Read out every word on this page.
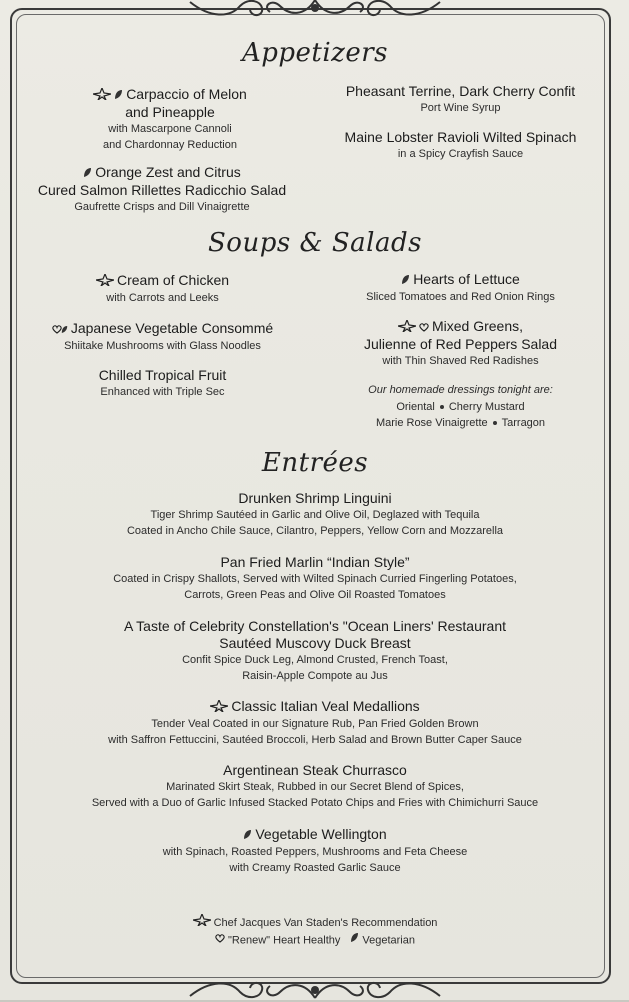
Appetizers
Carpaccio of Melon
and Pineapple
with Mascarpone Cannoli
and Chardonnay Reduction
Orange Zest and Citrus
Cured Salmon Rillettes Radicchio Salad
Gaufrette Crisps and Dill Vinaigrette
Pheasant Terrine, Dark Cherry Confit
Port Wine Syrup
Maine Lobster Ravioli Wilted Spinach
in a Spicy Crayfish Sauce
Soups & Salads
Cream of Chicken
with Carrots and Leeks
Japanese Vegetable Consommé
Shiitake Mushrooms with Glass Noodles
Chilled Tropical Fruit
Enhanced with Triple Sec
Hearts of Lettuce
Sliced Tomatoes and Red Onion Rings
Mixed Greens,
Julienne of Red Peppers Salad
with Thin Shaved Red Radishes
Our homemade dressings tonight are:
Oriental Cherry Mustard
Marie Rose Vinaigrette Tarragon
Entrées
Drunken Shrimp Linguini
Tiger Shrimp Sautéed in Garlic and Olive Oil, Deglazed with Tequila
Coated in Ancho Chile Sauce, Cilantro, Peppers, Yellow Corn and Mozzarella
Pan Fried Marlin “Indian Style”
Coated in Crispy Shallots, Served with Wilted Spinach Curried Fingerling Potatoes,
Carrots, Green Peas and Olive Oil Roasted Tomatoes
A Taste of Celebrity Constellation's "Ocean Liners' Restaurant
Sautéed Muscovy Duck Breast
Confit Spice Duck Leg, Almond Crusted, French Toast,
Raisin-Apple Compote au Jus
Classic Italian Veal Medallions
Tender Veal Coated in our Signature Rub, Pan Fried Golden Brown
with Saffron Fettuccini, Sautéed Broccoli, Herb Salad and Brown Butter Caper Sauce
Argentinean Steak Churrasco
Marinated Skirt Steak, Rubbed in our Secret Blend of Spices,
Served with a Duo of Garlic Infused Stacked Potato Chips and Fries with Chimichurri Sauce
Vegetable Wellington
with Spinach, Roasted Peppers, Mushrooms and Feta Cheese
with Creamy Roasted Garlic Sauce
Chef Jacques Van Staden's Recommendation
"Renew" Heart Healthy Vegetarian
